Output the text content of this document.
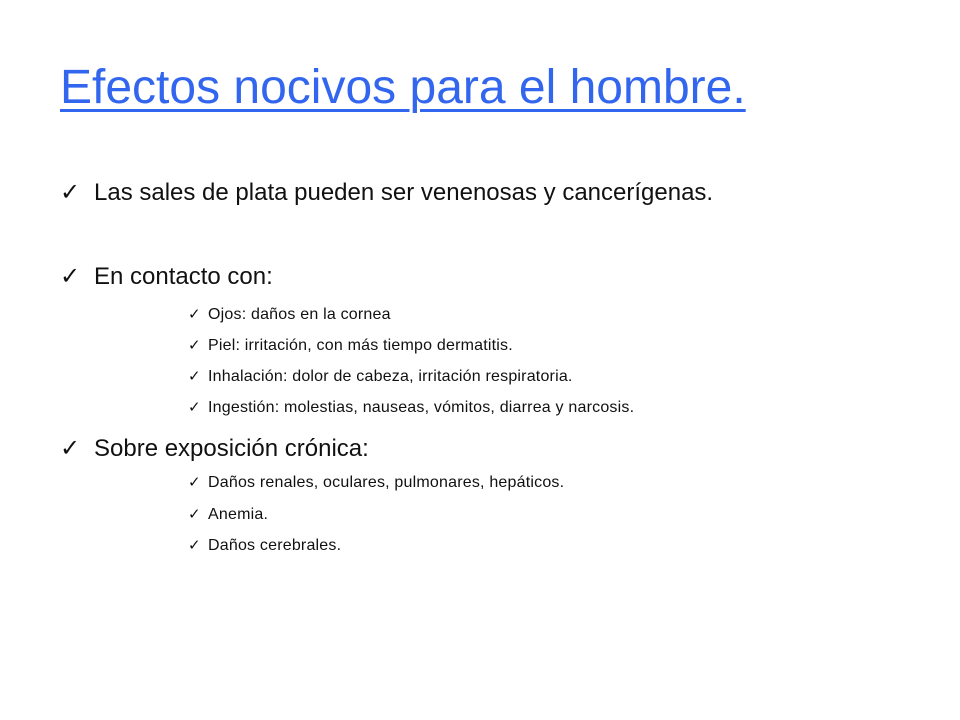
Efectos nocivos para el hombre.
✓ Las sales de plata pueden ser venenosas y cancerígenas.
✓ En contacto con:
✓ Ojos: daños en la cornea
✓ Piel: irritación, con más tiempo dermatitis.
✓ Inhalación: dolor de cabeza, irritación respiratoria.
✓ Ingestión: molestias, nauseas, vómitos, diarrea y narcosis.
✓ Sobre exposición crónica:
✓ Daños renales, oculares, pulmonares, hepáticos.
✓ Anemia.
✓ Daños cerebrales.
